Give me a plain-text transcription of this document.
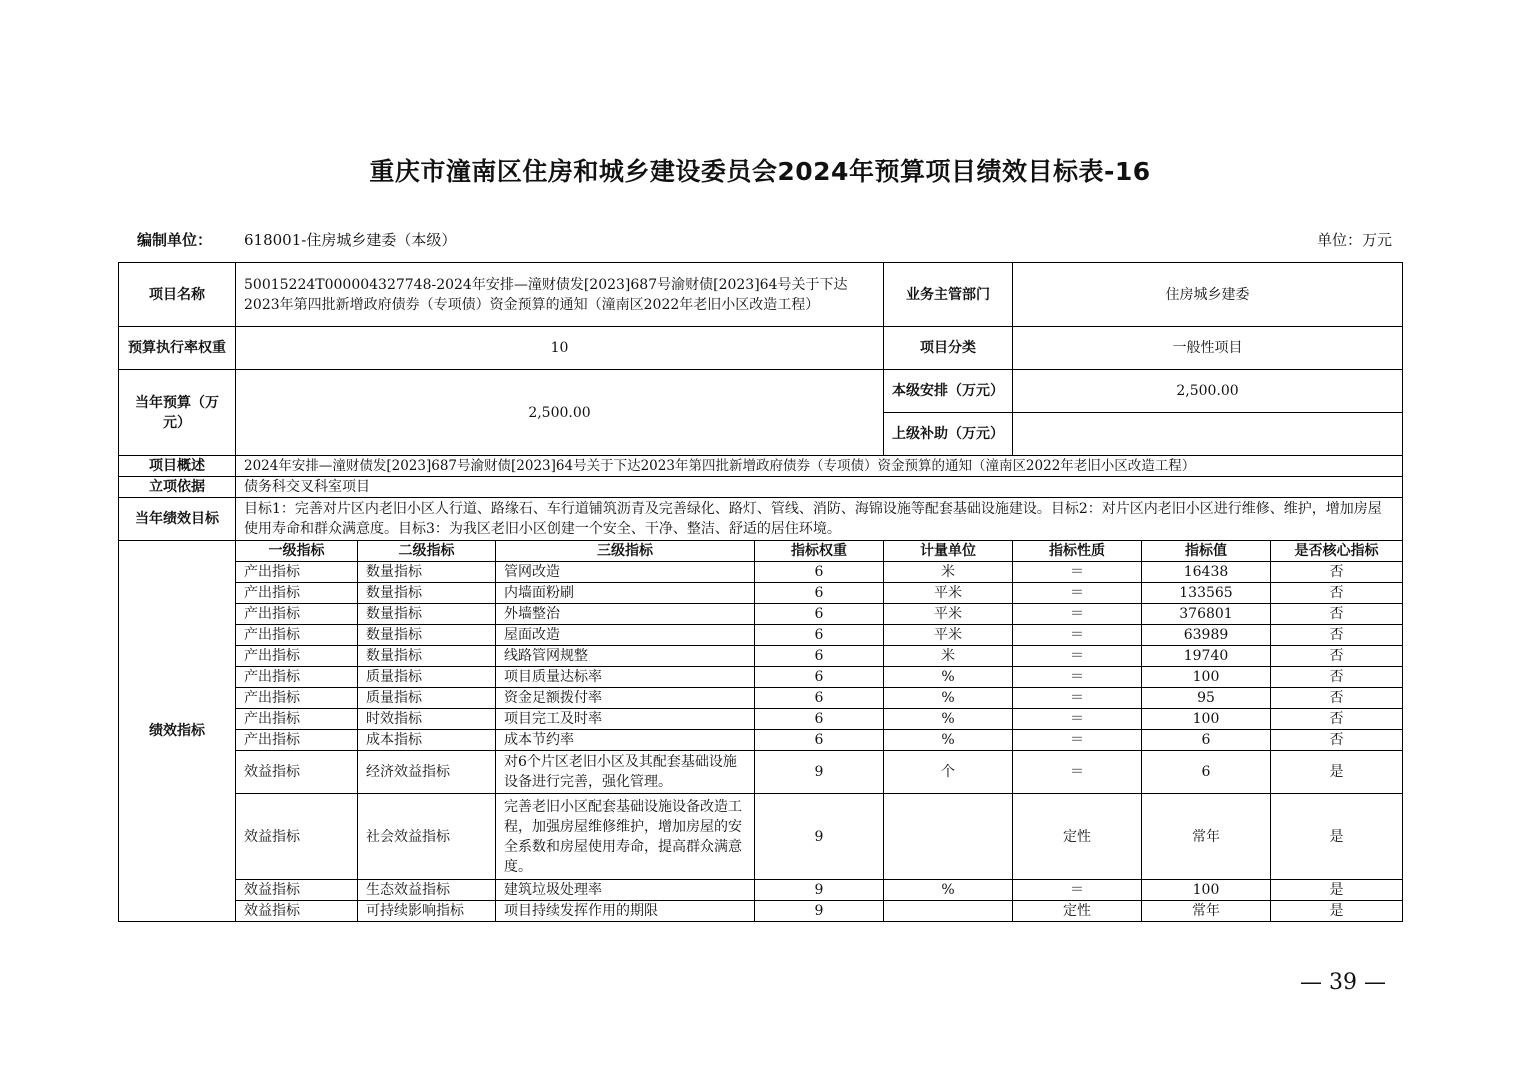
重庆市潼南区住房和城乡建设委员会2024年预算项目绩效目标表-16
编制单位： 618001-住房城乡建委（本级）	单位：万元
项目名称	50015224T000004327748-2024年安排—潼财债发[2023]687号渝财债[2023]64号关于下达2023年第四批新增政府债券（专项债）资金预算的通知（潼南区2022年老旧小区改造工程）				业务主管部门	住房城乡建委		
预算执行率权重	10				项目分类	一般性项目		
当年预算（万元）	2,500.00				本级安排（万元）	2,500.00		
					上级补助（万元）			
项目概述	2024年安排—潼财债发[2023]687号渝财债[2023]64号关于下达2023年第四批新增政府债券（专项债）资金预算的通知（潼南区2022年老旧小区改造工程）							
立项依据	债务科交叉科室项目							
当年绩效目标	目标1：完善对片区内老旧小区人行道、路缘石、车行道铺筑沥青及完善绿化、路灯、管线、消防、海锦设施等配套基础设施建设。目标2：对片区内老旧小区进行维修、维护，增加房屋使用寿命和群众满意度。目标3：为我区老旧小区创建一个安全、干净、整洁、舒适的居住环境。							
绩效指标	一级指标	二级指标	三级指标	指标权重	计量单位	指标性质	指标值	是否核心指标
	产出指标	数量指标	管网改造	6	米	＝	16438	否
	产出指标	数量指标	内墙面粉刷	6	平米	＝	133565	否
	产出指标	数量指标	外墙整治	6	平米	＝	376801	否
	产出指标	数量指标	屋面改造	6	平米	＝	63989	否
	产出指标	数量指标	线路管网规整	6	米	＝	19740	否
	产出指标	质量指标	项目质量达标率	6	%	＝	100	否
	产出指标	质量指标	资金足额拨付率	6	%	＝	95	否
	产出指标	时效指标	项目完工及时率	6	%	＝	100	否
	产出指标	成本指标	成本节约率	6	%	＝	6	否
	效益指标	经济效益指标	对6个片区老旧小区及其配套基础设施设备进行完善，强化管理。	9	个	＝	6	是
	效益指标	社会效益指标	完善老旧小区配套基础设施设备改造工程，加强房屋维修维护，增加房屋的安全系数和房屋使用寿命，提高群众满意度。	9		定性	常年	是
	效益指标	生态效益指标	建筑垃圾处理率	9	%	＝	100	是
	效益指标	可持续影响指标	项目持续发挥作用的期限	9		定性	常年	是
— 39 —
